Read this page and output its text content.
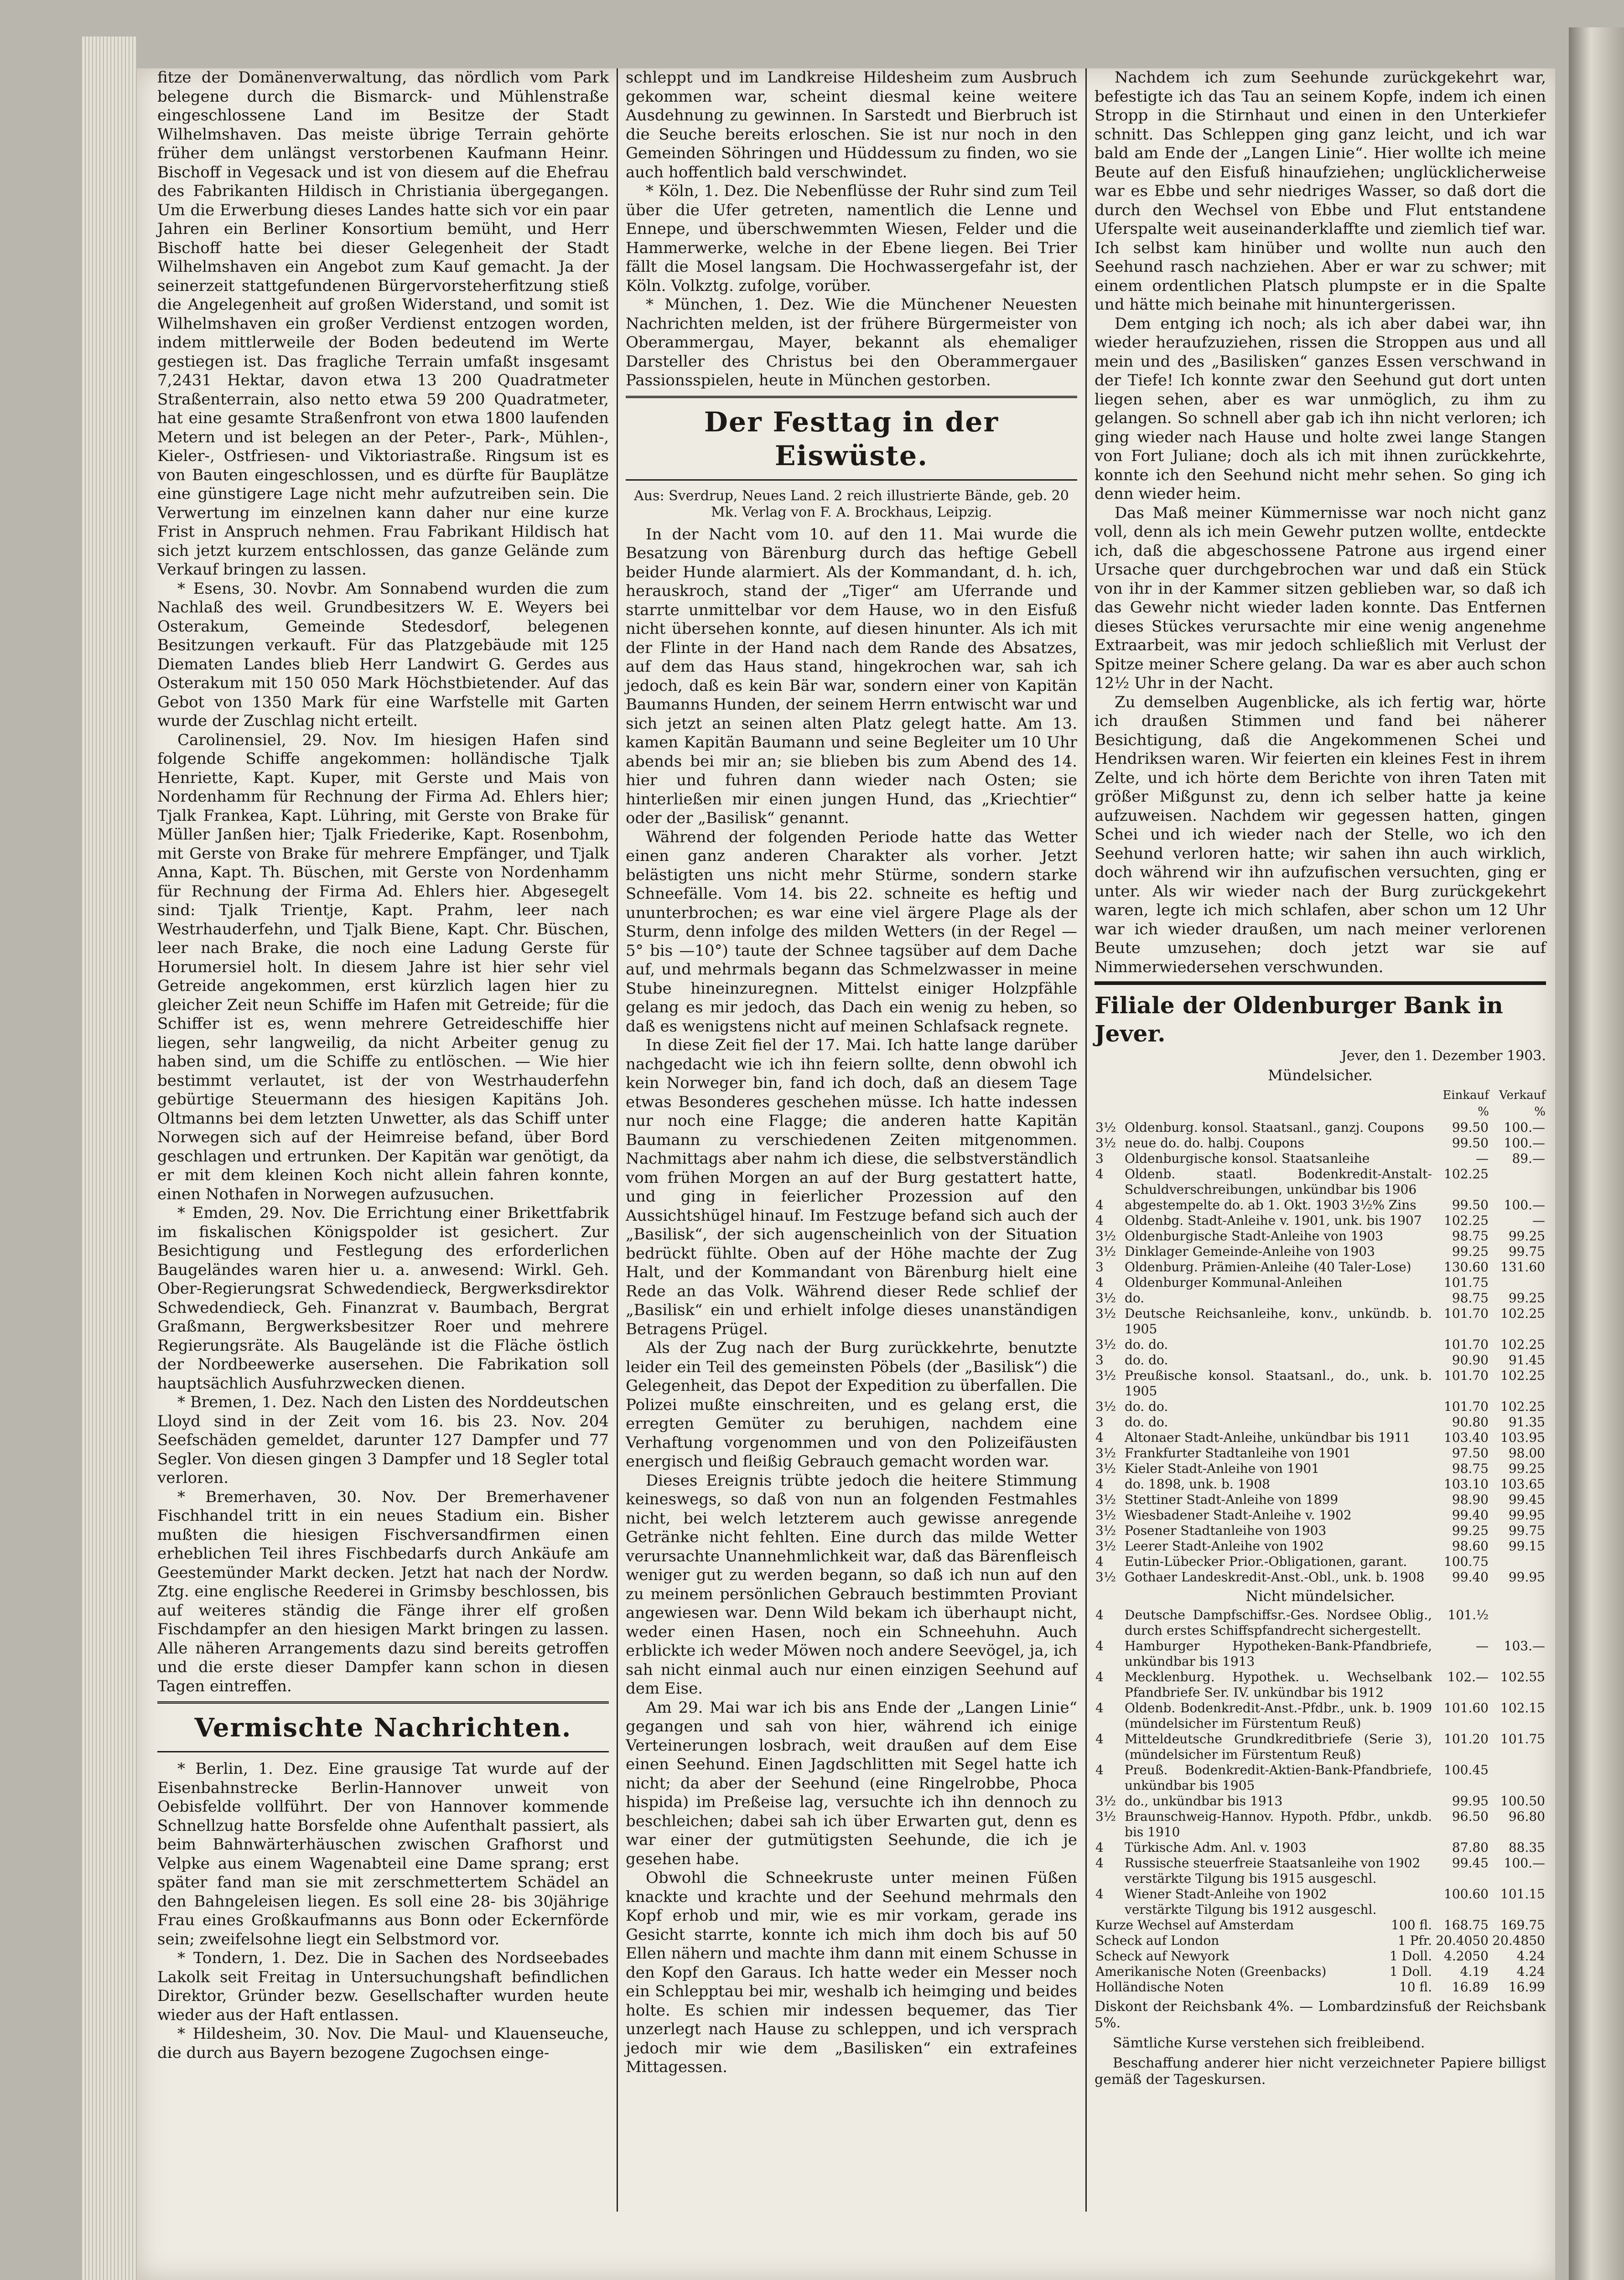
fitze der Domänenverwaltung, das nördlich vom Park belegene durch die Bismarck- und Mühlenstraße eingeschlossene Land im Besitze der Stadt Wilhelmshaven. Das meiste übrige Terrain gehörte früher dem unlängst verstorbenen Kaufmann Heinr. Bischoff in Vegesack und ist von diesem auf die Ehefrau des Fabrikanten Hildisch in Christiania übergegangen. Um die Erwerbung dieses Landes hatte sich vor ein paar Jahren ein Berliner Konsortium bemüht, und Herr Bischoff hatte bei dieser Gelegenheit der Stadt Wilhelmshaven ein Angebot zum Kauf gemacht. Ja der seinerzeit stattgefundenen Bürgervorsteherfitzung stieß die Angelegenheit auf großen Widerstand, und somit ist Wilhelmshaven ein großer Verdienst entzogen worden, indem mittlerweile der Boden bedeutend im Werte gestiegen ist. Das fragliche Terrain umfaßt insgesamt 7,2431 Hektar, davon etwa 13 200 Quadratmeter Straßenterrain, also netto etwa 59 200 Quadratmeter, hat eine gesamte Straßenfront von etwa 1800 laufenden Metern und ist belegen an der Peter-, Park-, Mühlen-, Kieler-, Ostfriesen- und Viktoriastraße. Ringsum ist es von Bauten eingeschlossen, und es dürfte für Bauplätze eine günstigere Lage nicht mehr aufzutreiben sein. Die Verwertung im einzelnen kann daher nur eine kurze Frist in Anspruch nehmen. Frau Fabrikant Hildisch hat sich jetzt kurzem entschlossen, das ganze Gelände zum Verkauf bringen zu lassen.

* Esens, 30. Novbr. Am Sonnabend wurden die zum Nachlaß des weil. Grundbesitzers W. E. Weyers bei Osterakum, Gemeinde Stedesdorf, belegenen Besitzungen verkauft. Für das Platzgebäude mit 125 Diematen Landes blieb Herr Landwirt G. Gerdes aus Osterakum mit 150 050 Mark Höchstbietender. Auf das Gebot von 1350 Mark für eine Warfstelle mit Garten wurde der Zuschlag nicht erteilt.

Carolinensiel, 29. Nov. Im hiesigen Hafen sind folgende Schiffe angekommen: holländische Tjalk Henriette, Kapt. Kuper, mit Gerste und Mais von Nordenhamm für Rechnung der Firma Ad. Ehlers hier; Tjalk Frankea, Kapt. Lühring, mit Gerste von Brake für Müller Janßen hier; Tjalk Friederike, Kapt. Rosenbohm, mit Gerste von Brake für mehrere Empfänger, und Tjalk Anna, Kapt. Th. Büschen, mit Gerste von Nordenhamm für Rechnung der Firma Ad. Ehlers hier. Abgesegelt sind: Tjalk Trientje, Kapt. Prahm, leer nach Westrhauderfehn, und Tjalk Biene, Kapt. Chr. Büschen, leer nach Brake, die noch eine Ladung Gerste für Horumersiel holt. In diesem Jahre ist hier sehr viel Getreide angekommen, erst kürzlich lagen hier zu gleicher Zeit neun Schiffe im Hafen mit Getreide; für die Schiffer ist es, wenn mehrere Getreideschiffe hier liegen, sehr langweilig, da nicht Arbeiter genug zu haben sind, um die Schiffe zu entlöschen. — Wie hier bestimmt verlautet, ist der von Westrhauderfehn gebürtige Steuermann des hiesigen Kapitäns Joh. Oltmanns bei dem letzten Unwetter, als das Schiff unter Norwegen sich auf der Heimreise befand, über Bord geschlagen und ertrunken. Der Kapitän war genötigt, da er mit dem kleinen Koch nicht allein fahren konnte, einen Nothafen in Norwegen aufzusuchen.

* Emden, 29. Nov. Die Errichtung einer Brikettfabrik im fiskalischen Königspolder ist gesichert. Zur Besichtigung und Festlegung des erforderlichen Baugeländes waren hier u. a. anwesend: Wirkl. Geh. Ober-Regierungsrat Schwedendieck, Bergwerksdirektor Schwedendieck, Geh. Finanzrat v. Baumbach, Bergrat Graßmann, Bergwerksbesitzer Roer und mehrere Regierungsräte. Als Baugelände ist die Fläche östlich der Nordbeewerke ausersehen. Die Fabrikation soll hauptsächlich Ausfuhrzwecken dienen.

* Bremen, 1. Dez. Nach den Listen des Norddeutschen Lloyd sind in der Zeit vom 16. bis 23. Nov. 204 Seefschäden gemeldet, darunter 127 Dampfer und 77 Segler. Von diesen gingen 3 Dampfer und 18 Segler total verloren.

* Bremerhaven, 30. Nov. Der Bremerhavener Fischhandel tritt in ein neues Stadium ein. Bisher mußten die hiesigen Fischversandfirmen einen erheblichen Teil ihres Fischbedarfs durch Ankäufe am Geestemünder Markt decken. Jetzt hat nach der Nordw. Ztg. eine englische Reederei in Grimsby beschlossen, bis auf weiteres ständig die Fänge ihrer elf großen Fischdampfer an den hiesigen Markt bringen zu lassen. Alle näheren Arrangements dazu sind bereits getroffen und die erste dieser Dampfer kann schon in diesen Tagen eintreffen.

Vermischte Nachrichten.

* Berlin, 1. Dez. Eine grausige Tat wurde auf der Eisenbahnstrecke Berlin-Hannover unweit von Oebisfelde vollführt. Der von Hannover kommende Schnellzug hatte Borsfelde ohne Aufenthalt passiert, als beim Bahnwärterhäuschen zwischen Grafhorst und Velpke aus einem Wagenabteil eine Dame sprang; erst später fand man sie mit zerschmettertem Schädel an den Bahngeleisen liegen. Es soll eine 28- bis 30jährige Frau eines Großkaufmanns aus Bonn oder Eckernförde sein; zweifelsohne liegt ein Selbstmord vor.

* Tondern, 1. Dez. Die in Sachen des Nordseebades Lakolk seit Freitag in Untersuchungshaft befindlichen Direktor, Gründer bezw. Gesellschafter wurden heute wieder aus der Haft entlassen.

* Hildesheim, 30. Nov. Die Maul- und Klauenseuche, die durch aus Bayern bezogene Zugochsen einge-

schleppt und im Landkreise Hildesheim zum Ausbruch gekommen war, scheint diesmal keine weitere Ausdehnung zu gewinnen. In Sarstedt und Bierbruch ist die Seuche bereits erloschen. Sie ist nur noch in den Gemeinden Söhringen und Hüddessum zu finden, wo sie auch hoffentlich bald verschwindet.

* Köln, 1. Dez. Die Nebenflüsse der Ruhr sind zum Teil über die Ufer getreten, namentlich die Lenne und Ennepe, und überschwemmten Wiesen, Felder und die Hammerwerke, welche in der Ebene liegen. Bei Trier fällt die Mosel langsam. Die Hochwassergefahr ist, der Köln. Volkztg. zufolge, vorüber.

* München, 1. Dez. Wie die Münchener Neuesten Nachrichten melden, ist der frühere Bürgermeister von Oberammergau, Mayer, bekannt als ehemaliger Darsteller des Christus bei den Oberammergauer Passionsspielen, heute in München gestorben.

Der Festtag in der Eiswüste.
Aus: Sverdrup, Neues Land. 2 reich illustrierte Bände, geb. 20 Mk. Verlag von F. A. Brockhaus, Leipzig.

In der Nacht vom 10. auf den 11. Mai wurde die Besatzung von Bärenburg durch das heftige Gebell beider Hunde alarmiert. Als der Kommandant, d. h. ich, herauskroch, stand der „Tiger“ am Uferrande und starrte unmittelbar vor dem Hause, wo in den Eisfuß nicht übersehen konnte, auf diesen hinunter. Als ich mit der Flinte in der Hand nach dem Rande des Absatzes, auf dem das Haus stand, hingekrochen war, sah ich jedoch, daß es kein Bär war, sondern einer von Kapitän Baumanns Hunden, der seinem Herrn entwischt war und sich jetzt an seinen alten Platz gelegt hatte. Am 13. kamen Kapitän Baumann und seine Begleiter um 10 Uhr abends bei mir an; sie blieben bis zum Abend des 14. hier und fuhren dann wieder nach Osten; sie hinterließen mir einen jungen Hund, das „Kriechtier“ oder der „Basilisk“ genannt.

Während der folgenden Periode hatte das Wetter einen ganz anderen Charakter als vorher. Jetzt belästigten uns nicht mehr Stürme, sondern starke Schneefälle. Vom 14. bis 22. schneite es heftig und ununterbrochen; es war eine viel ärgere Plage als der Sturm, denn infolge des milden Wetters (in der Regel —5° bis —10°) taute der Schnee tagsüber auf dem Dache auf, und mehrmals begann das Schmelzwasser in meine Stube hineinzuregnen. Mittelst einiger Holzpfähle gelang es mir jedoch, das Dach ein wenig zu heben, so daß es wenigstens nicht auf meinen Schlafsack regnete.

In diese Zeit fiel der 17. Mai. Ich hatte lange darüber nachgedacht wie ich ihn feiern sollte, denn obwohl ich kein Norweger bin, fand ich doch, daß an diesem Tage etwas Besonderes geschehen müsse. Ich hatte indessen nur noch eine Flagge; die anderen hatte Kapitän Baumann zu verschiedenen Zeiten mitgenommen. Nachmittags aber nahm ich diese, die selbstverständlich vom frühen Morgen an auf der Burg gestattert hatte, und ging in feierlicher Prozession auf den Aussichtshügel hinauf. Im Festzuge befand sich auch der „Basilisk“, der sich augenscheinlich von der Situation bedrückt fühlte. Oben auf der Höhe machte der Zug Halt, und der Kommandant von Bärenburg hielt eine Rede an das Volk. Während dieser Rede schlief der „Basilisk“ ein und erhielt infolge dieses unanständigen Betragens Prügel.

Als der Zug nach der Burg zurückkehrte, benutzte leider ein Teil des gemeinsten Pöbels (der „Basilisk“) die Gelegenheit, das Depot der Expedition zu überfallen. Die Polizei mußte einschreiten, und es gelang erst, die erregten Gemüter zu beruhigen, nachdem eine Verhaftung vorgenommen und von den Polizeifäusten energisch und fleißig Gebrauch gemacht worden war.

Dieses Ereignis trübte jedoch die heitere Stimmung keineswegs, so daß von nun an folgenden Festmahles nicht, bei welch letzterem auch gewisse anregende Getränke nicht fehlten. Eine durch das milde Wetter verursachte Unannehmlichkeit war, daß das Bärenfleisch weniger gut zu werden begann, so daß ich nun auf den zu meinem persönlichen Gebrauch bestimmten Proviant angewiesen war. Denn Wild bekam ich überhaupt nicht, weder einen Hasen, noch ein Schneehuhn. Auch erblickte ich weder Möwen noch andere Seevögel, ja, ich sah nicht einmal auch nur einen einzigen Seehund auf dem Eise.

Am 29. Mai war ich bis ans Ende der „Langen Linie“ gegangen und sah von hier, während ich einige Verteinerungen losbrach, weit draußen auf dem Eise einen Seehund. Einen Jagdschlitten mit Segel hatte ich nicht; da aber der Seehund (eine Ringelrobbe, Phoca hispida) im Preßeise lag, versuchte ich ihn dennoch zu beschleichen; dabei sah ich über Erwarten gut, denn es war einer der gutmütigsten Seehunde, die ich je gesehen habe.

Obwohl die Schneekruste unter meinen Füßen knackte und krachte und der Seehund mehrmals den Kopf erhob und mir, wie es mir vorkam, gerade ins Gesicht starrte, konnte ich mich ihm doch bis auf 50 Ellen nähern und machte ihm dann mit einem Schusse in den Kopf den Garaus. Ich hatte weder ein Messer noch ein Schlepptau bei mir, weshalb ich heimging und beides holte. Es schien mir indessen bequemer, das Tier unzerlegt nach Hause zu schleppen, und ich versprach jedoch mir wie dem „Basilisken“ ein extrafeines Mittagessen.

Nachdem ich zum Seehunde zurückgekehrt war, befestigte ich das Tau an seinem Kopfe, indem ich einen Stropp in die Stirnhaut und einen in den Unterkiefer schnitt. Das Schleppen ging ganz leicht, und ich war bald am Ende der „Langen Linie“. Hier wollte ich meine Beute auf den Eisfuß hinaufziehen; unglücklicherweise war es Ebbe und sehr niedriges Wasser, so daß dort die durch den Wechsel von Ebbe und Flut entstandene Uferspalte weit auseinanderklaffte und ziemlich tief war. Ich selbst kam hinüber und wollte nun auch den Seehund rasch nachziehen. Aber er war zu schwer; mit einem ordentlichen Platsch plumpste er in die Spalte und hätte mich beinahe mit hinuntergerissen.

Dem entging ich noch; als ich aber dabei war, ihn wieder heraufzuziehen, rissen die Stroppen aus und all mein und des „Basilisken“ ganzes Essen verschwand in der Tiefe! Ich konnte zwar den Seehund gut dort unten liegen sehen, aber es war unmöglich, zu ihm zu gelangen. So schnell aber gab ich ihn nicht verloren; ich ging wieder nach Hause und holte zwei lange Stangen von Fort Juliane; doch als ich mit ihnen zurückkehrte, konnte ich den Seehund nicht mehr sehen. So ging ich denn wieder heim.

Das Maß meiner Kümmernisse war noch nicht ganz voll, denn als ich mein Gewehr putzen wollte, entdeckte ich, daß die abgeschossene Patrone aus irgend einer Ursache quer durchgebrochen war und daß ein Stück von ihr in der Kammer sitzen geblieben war, so daß ich das Gewehr nicht wieder laden konnte. Das Entfernen dieses Stückes verursachte mir eine wenig angenehme Extraarbeit, was mir jedoch schließlich mit Verlust der Spitze meiner Schere gelang. Da war es aber auch schon 12½ Uhr in der Nacht.

Zu demselben Augenblicke, als ich fertig war, hörte ich draußen Stimmen und fand bei näherer Besichtigung, daß die Angekommenen Schei und Hendriksen waren. Wir feierten ein kleines Fest in ihrem Zelte, und ich hörte dem Berichte von ihren Taten mit größer Mißgunst zu, denn ich selber hatte ja keine aufzuweisen. Nachdem wir gegessen hatten, gingen Schei und ich wieder nach der Stelle, wo ich den Seehund verloren hatte; wir sahen ihn auch wirklich, doch während wir ihn aufzufischen versuchten, ging er unter. Als wir wieder nach der Burg zurückgekehrt waren, legte ich mich schlafen, aber schon um 12 Uhr war ich wieder draußen, um nach meiner verlorenen Beute umzusehen; doch jetzt war sie auf Nimmerwiedersehen verschwunden.

Filiale der Oldenburger Bank in Jever.
Jever, den 1. Dezember 1903.
Mündelsicher.
		Einkauf	Verkauf
		%	%
3½	Oldenburg. konsol. Staatsanl., ganzj. Coupons	99.50	100.—
3½	neue do. do. halbj. Coupons	99.50	100.—
3	Oldenburgische konsol. Staatsanleihe	—	89.—
4	Oldenb. staatl. Bodenkredit-Anstalt-Schuldverschreibungen, unkündbar bis 1906	102.25	
4	abgestempelte do. ab 1. Okt. 1903 3½% Zins	99.50	100.—
4	Oldenbg. Stadt-Anleihe v. 1901, unk. bis 1907	102.25	—
3½	Oldenburgische Stadt-Anleihe von 1903	98.75	99.25
3½	Dinklager Gemeinde-Anleihe von 1903	99.25	99.75
3	Oldenburg. Prämien-Anleihe (40 Taler-Lose)	130.60	131.60
4	Oldenburger Kommunal-Anleihen	101.75	
3½	do.	98.75	99.25
3½	Deutsche Reichsanleihe, konv., unkündb. b. 1905	101.70	102.25
3½	do. do.	101.70	102.25
3	do. do.	90.90	91.45
3½	Preußische konsol. Staatsanl., do., unk. b. 1905	101.70	102.25
3½	do. do.	101.70	102.25
3	do. do.	90.80	91.35
4	Altonaer Stadt-Anleihe, unkündbar bis 1911	103.40	103.95
3½	Frankfurter Stadtanleihe von 1901	97.50	98.00
3½	Kieler Stadt-Anleihe von 1901	98.75	99.25
4	do. 1898, unk. b. 1908	103.10	103.65
3½	Stettiner Stadt-Anleihe von 1899	98.90	99.45
3½	Wiesbadener Stadt-Anleihe v. 1902	99.40	99.95
3½	Posener Stadtanleihe von 1903	99.25	99.75
3½	Leerer Stadt-Anleihe von 1902	98.60	99.15
4	Eutin-Lübecker Prior.-Obligationen, garant.	100.75	
3½	Gothaer Landeskredit-Anst.-Obl., unk. b. 1908	99.40	99.95
Nicht mündelsicher.
4	Deutsche Dampfschiffsr.-Ges. Nordsee Oblig., durch erstes Schiffspfandrecht sichergestellt.	101.½	
4	Hamburger Hypotheken-Bank-Pfandbriefe, unkündbar bis 1913	—	103.—
4	Mecklenburg. Hypothek. u. Wechselbank Pfandbriefe Ser. IV. unkündbar bis 1912	102.—	102.55
4	Oldenb. Bodenkredit-Anst.-Pfdbr., unk. b. 1909 (mündelsicher im Fürstentum Reuß)	101.60	102.15
4	Mitteldeutsche Grundkreditbriefe (Serie 3), (mündelsicher im Fürstentum Reuß)	101.20	101.75
4	Preuß. Bodenkredit-Aktien-Bank-Pfandbriefe, unkündbar bis 1905	100.45	
3½	do., unkündbar bis 1913	99.95	100.50
3½	Braunschweig-Hannov. Hypoth. Pfdbr., unkdb. bis 1910	96.50	96.80
4	Türkische Adm. Anl. v. 1903	87.80	88.35
4	Russische steuerfreie Staatsanleihe von 1902	99.45	100.—
	verstärkte Tilgung bis 1915 ausgeschl.		
4	Wiener Stadt-Anleihe von 1902	100.60	101.15
	verstärkte Tilgung bis 1912 ausgeschl.		
Kurze Wechsel auf Amsterdam	100 fl.	168.75	169.75
Scheck auf London	1 Pfr.	20.4050	20.4850
Scheck auf Newyork	1 Doll.	4.2050	4.24
Amerikanische Noten (Greenbacks)	1 Doll.	4.19	4.24
Holländische Noten	10 fl.	16.89	16.99
Diskont der Reichsbank 4%. — Lombardzinsfuß der Reichsbank 5%.
Sämtliche Kurse verstehen sich freibleibend.
Beschaffung anderer hier nicht verzeichneter Papiere billigst gemäß der Tageskursen.
